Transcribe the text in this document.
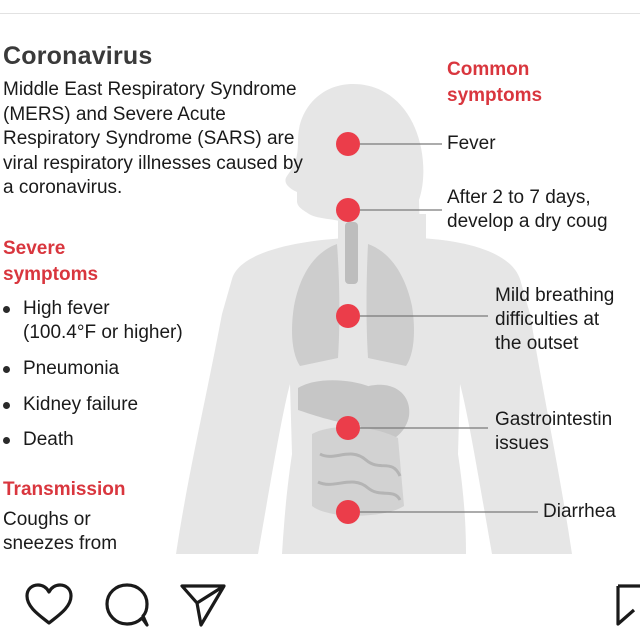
Coronavirus
Middle East Respiratory Syndrome (MERS) and Severe Acute Respiratory Syndrome (SARS) are viral respiratory illnesses caused by a coronavirus.
Severe symptoms
High fever
(100.4°F or higher)
Pneumonia
Kidney failure
Death
Transmission
Coughs or
sneezes from
Common symptoms
Fever
After 2 to 7 days,
develop a dry coug
Mild breathing
difficulties at
the outset
Gastrointestin
issues
Diarrhea
